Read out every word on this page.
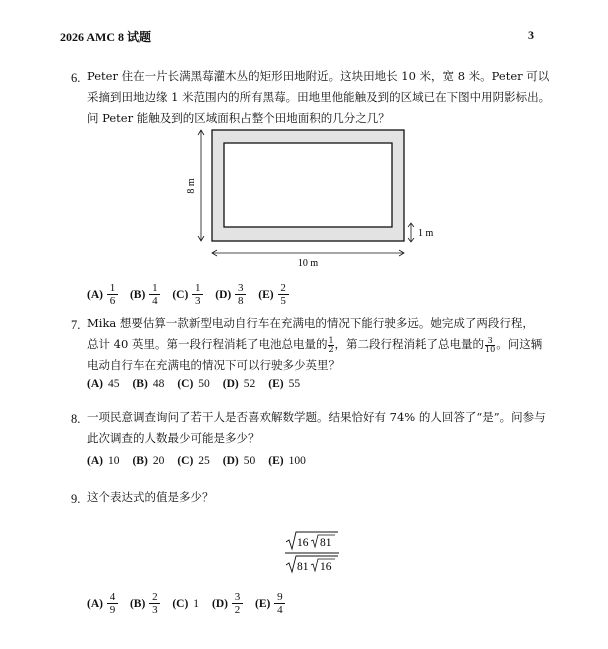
2026 AMC 8 试题	3
6. Peter 住在一片长满黑莓灌木丛的矩形田地附近。这块田地长 10 米，宽 8 米。Peter 可以
采摘到田地边缘 1 米范围内的所有黑莓。田地里他能触及到的区域已在下图中用阴影标出。
问 Peter 能触及到的区域面积占整个田地面积的几分之几？
8 m
10 m
1 m
$(A) \frac{1}{6} (B) \frac{1}{4} (C) \frac{1}{3} (D) \frac{3}{8} (E) \frac{2}{5}$
7. Mika 想要估算一款新型电动自行车在充满电的情况下能行驶多远。她完成了两段行程，
总计 40 英里。第一段行程消耗了电池总电量的 $\frac{1}{2}$ ，第二段行程消耗了总电量的 $\frac{3}{10}$ 。问这辆
电动自行车在充满电的情况下可以行驶多少英里？
(A) 45 (B) 48 (C) 50 (D) 52 (E) 55
8. 一项民意调查询问了若干人是否喜欢解数学题。结果恰好有 74% 的人回答了“是”。问参与
此次调查的人数最少可能是多少？
(A) 10 (B) 20 (C) 25 (D) 50 (E) 100
9. 这个表达式的值是多少？
16 81
81 16
$(A) \frac{4}{9} (B) \frac{2}{3} (C)$ 1 $(D) \frac{3}{2} (E) \frac{9}{4}$
